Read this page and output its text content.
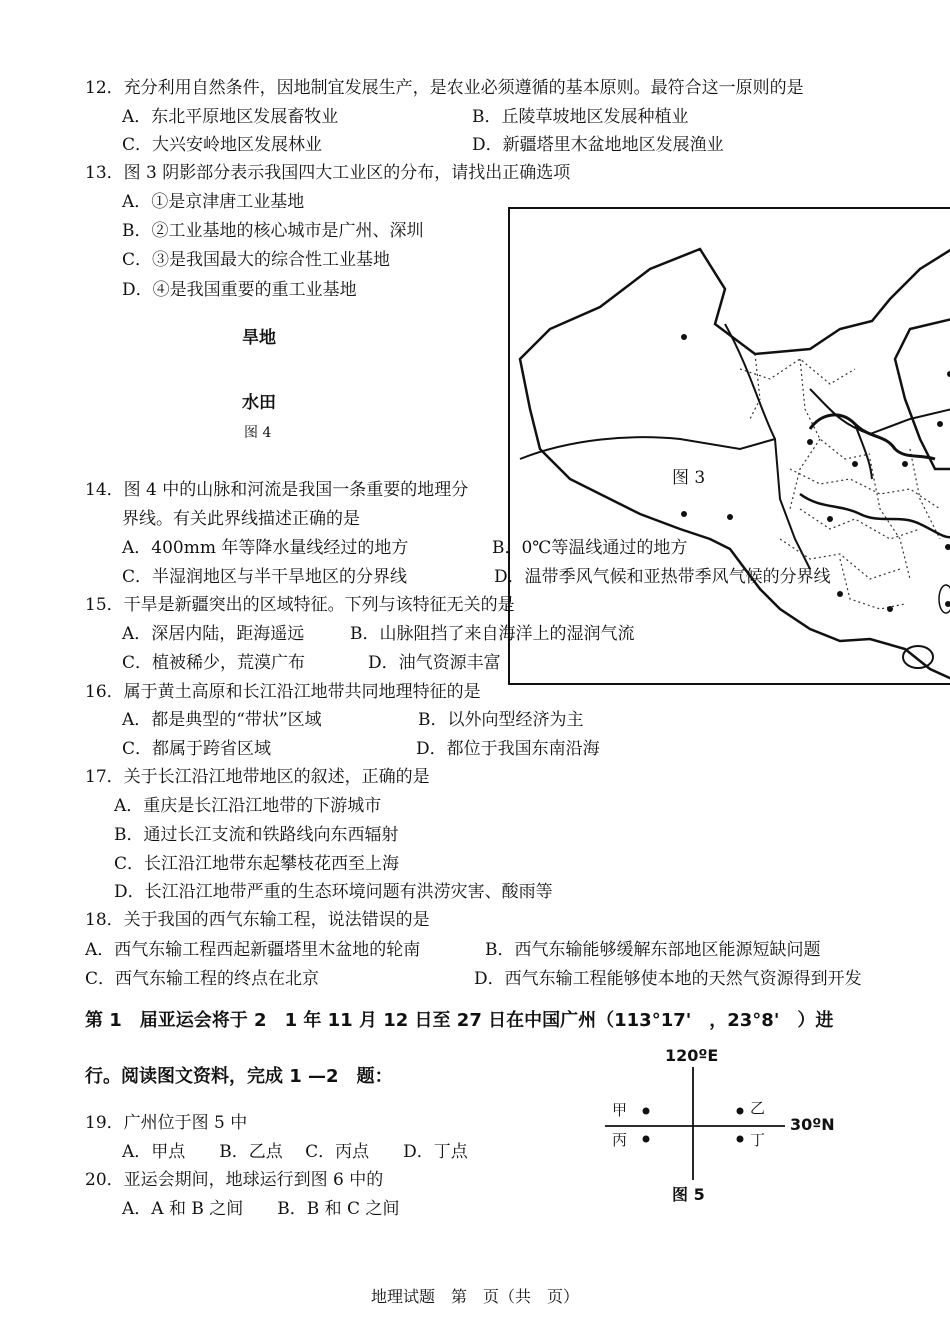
12．充分利用自然条件，因地制宜发展生产，是农业必须遵循的基本原则。最符合这一原则的是
A．东北平原地区发展畜牧业	B．丘陵草坡地区发展种植业
C．大兴安岭地区发展林业	D．新疆塔里木盆地地区发展渔业
13．图 3 阴影部分表示我国四大工业区的分布，请找出正确选项
A．①是京津唐工业基地
B．②工业基地的核心城市是广州、深圳
C．③是我国最大的综合性工业基地
D．④是我国重要的重工业基地
旱地
水田
图 4
图 3
14．图 4 中的山脉和河流是我国一条重要的地理分
界线。有关此界线描述正确的是
A．400mm 年等降水量线经过的地方	B．0℃等温线通过的地方
C．半湿润地区与半干旱地区的分界线	D．温带季风气候和亚热带季风气候的分界线
15．干旱是新疆突出的区域特征。下列与该特征无关的是
A．深居内陆，距海遥远	B．山脉阻挡了来自海洋上的湿润气流
C．植被稀少，荒漠广布	D．油气资源丰富
16．属于黄土高原和长江沿江地带共同地理特征的是
A．都是典型的“带状”区域	B．以外向型经济为主
C．都属于跨省区域	D．都位于我国东南沿海
17．关于长江沿江地带地区的叙述，正确的是
A．重庆是长江沿江地带的下游城市
B．通过长江支流和铁路线向东西辐射
C．长江沿江地带东起攀枝花西至上海
D．长江沿江地带严重的生态环境问题有洪涝灾害、酸雨等
18．关于我国的西气东输工程，说法错误的是
A．西气东输工程西起新疆塔里木盆地的轮南	B．西气东输能够缓解东部地区能源短缺问题
C．西气东输工程的终点在北京	D．西气东输工程能够使本地的天然气资源得到开发
第 1　届亚运会将于 2　1 年 11 月 12 日至 27 日在中国广州（113°17'　，23°8'　）进
行。阅读图文资料，完成 1 —2　题：
19．广州位于图 5 中
A．甲点　　B．乙点　 C．丙点　　D．丁点
20．亚运会期间，地球运行到图 6 中的
A．A 和 B 之间　　B．B 和 C 之间
120ºE
30ºN
甲	乙
丙	丁
图 5
地理试题　第　页（共　页）
